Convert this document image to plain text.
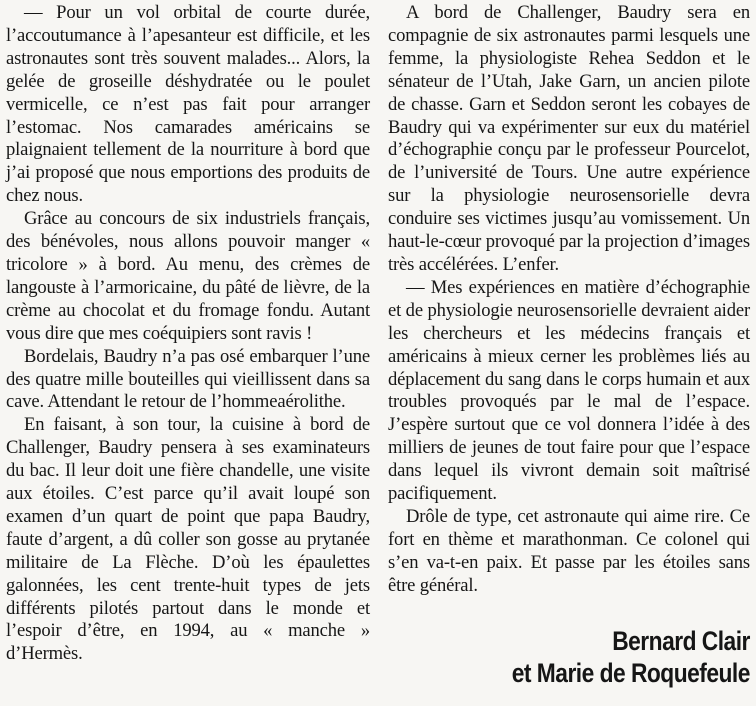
— Pour un vol orbital de courte durée, l’accoutumance à l’apesanteur est difficile, et les astronautes sont très souvent malades... Alors, la gelée de groseille déshydratée ou le poulet vermicelle, ce n’est pas fait pour arranger l’estomac. Nos camarades américains se plaignaient tellement de la nourriture à bord que j’ai proposé que nous emportions des produits de chez nous.

Grâce au concours de six industriels français, des bénévoles, nous allons pouvoir manger « tricolore » à bord. Au menu, des crèmes de langouste à l’armoricaine, du pâté de lièvre, de la crème au chocolat et du fromage fondu. Autant vous dire que mes coéquipiers sont ravis !

Bordelais, Baudry n’a pas osé embarquer l’une des quatre mille bouteilles qui vieillissent dans sa cave. Attendant le retour de l’hommeaérolithe.

En faisant, à son tour, la cuisine à bord de Challenger, Baudry pensera à ses examinateurs du bac. Il leur doit une fière chandelle, une visite aux étoiles. C’est parce qu’il avait loupé son examen d’un quart de point que papa Baudry, faute d’argent, a dû coller son gosse au prytanée militaire de La Flèche. D’où les épaulettes galonnées, les cent trente-huit types de jets différents pilotés partout dans le monde et l’espoir d’être, en 1994, au « manche » d’Hermès.

A bord de Challenger, Baudry sera en compagnie de six astronautes parmi lesquels une femme, la physiologiste Rehea Seddon et le sénateur de l’Utah, Jake Garn, un ancien pilote de chasse. Garn et Seddon seront les cobayes de Baudry qui va expérimenter sur eux du matériel d’échographie conçu par le professeur Pourcelot, de l’université de Tours. Une autre expérience sur la physiologie neurosensorielle devra conduire ses victimes jusqu’au vomissement. Un haut-le-cœur provoqué par la projection d’images très accélérées. L’enfer.

— Mes expériences en matière d’échographie et de physiologie neurosensorielle devraient aider les chercheurs et les médecins français et américains à mieux cerner les problèmes liés au déplacement du sang dans le corps humain et aux troubles provoqués par le mal de l’espace. J’espère surtout que ce vol donnera l’idée à des milliers de jeunes de tout faire pour que l’espace dans lequel ils vivront demain soit maîtrisé pacifiquement.

Drôle de type, cet astronaute qui aime rire. Ce fort en thème et marathonman. Ce colonel qui s’en va-t-en paix. Et passe par les étoiles sans être général.

Bernard Clair
et Marie de Roquefeule
